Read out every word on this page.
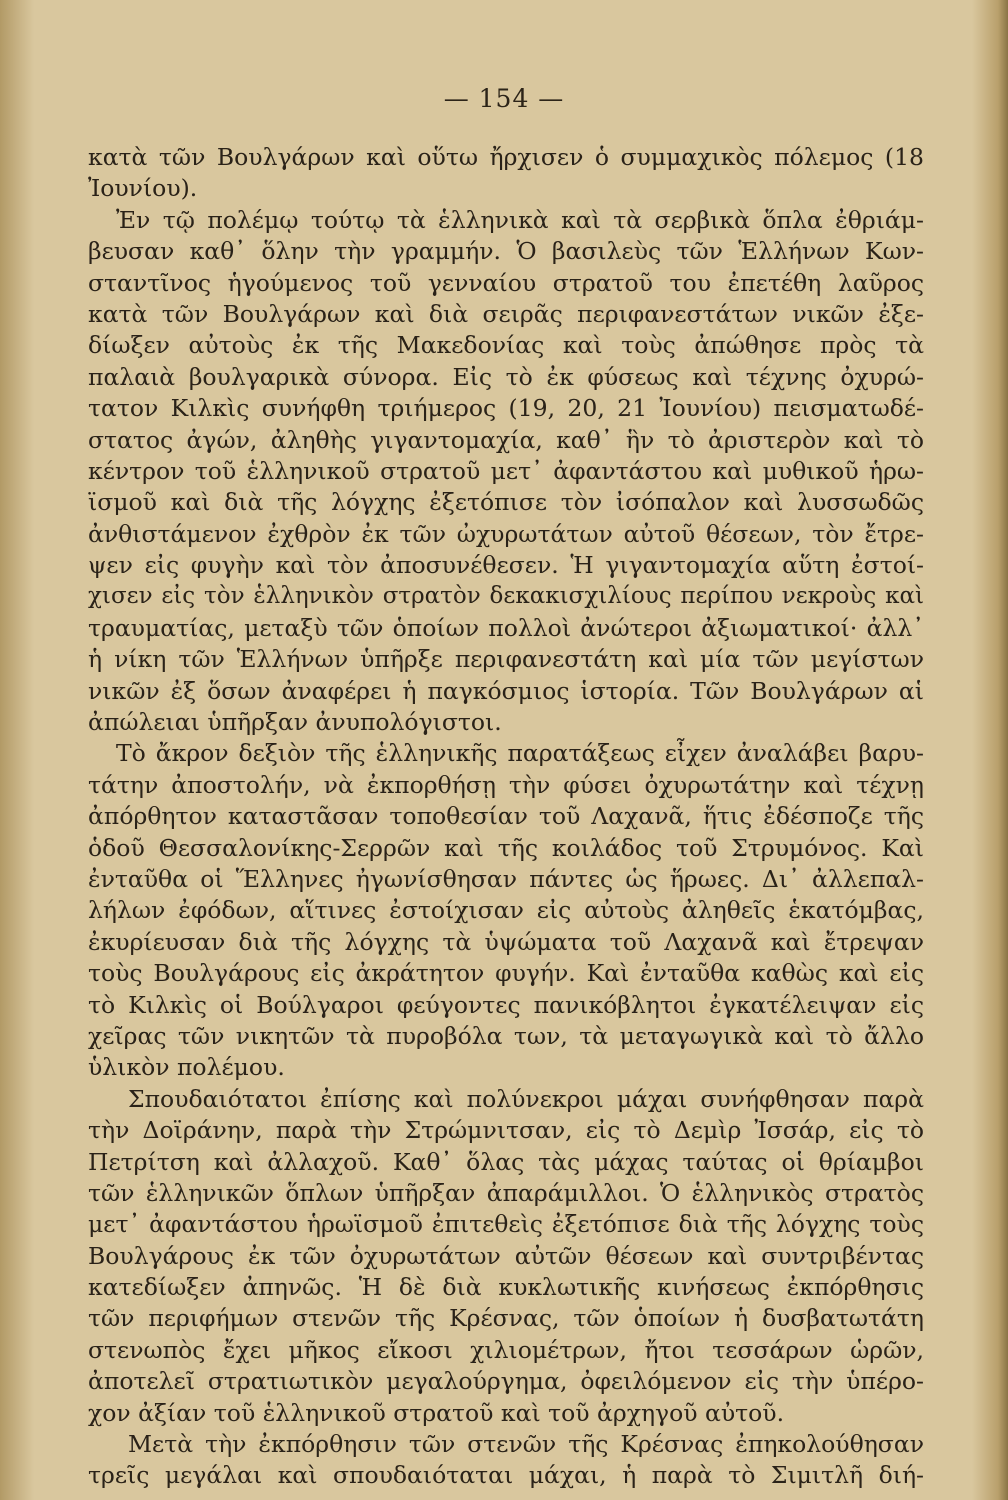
— 154 —
κατὰ τῶν Βουλγάρων καὶ οὕτω ἤρχισεν ὁ συμμαχικὸς πόλεμος (18
Ἰουνίου).
Ἐν τῷ πολέμῳ τούτῳ τὰ ἑλληνικὰ καὶ τὰ σερβικὰ ὅπλα ἐθριάμ-
βευσαν καθ᾽ ὅλην τὴν γραμμήν. Ὁ βασιλεὺς τῶν Ἑλλήνων Κων-
σταντῖνος ἡγούμενος τοῦ γενναίου στρατοῦ του ἐπετέθη λαῦρος
κατὰ τῶν Βουλγάρων καὶ διὰ σειρᾶς περιφανεστάτων νικῶν ἐξε-
δίωξεν αὐτοὺς ἐκ τῆς Μακεδονίας καὶ τοὺς ἀπώθησε πρὸς τὰ
παλαιὰ βουλγαρικὰ σύνορα. Εἰς τὸ ἐκ φύσεως καὶ τέχνης ὀχυρώ-
τατον Κιλκὶς συνήφθη τριήμερος (19, 20, 21 Ἰουνίου) πεισματωδέ-
στατος ἀγών, ἀληθὴς γιγαντομαχία, καθ᾽ ἣν τὸ ἀριστερὸν καὶ τὸ
κέντρον τοῦ ἑλληνικοῦ στρατοῦ μετ᾽ ἀφαντάστου καὶ μυθικοῦ ἡρω-
ϊσμοῦ καὶ διὰ τῆς λόγχης ἐξετόπισε τὸν ἰσόπαλον καὶ λυσσωδῶς
ἀνθιστάμενον ἐχθρὸν ἐκ τῶν ὠχυρωτάτων αὐτοῦ θέσεων, τὸν ἔτρε-
ψεν εἰς φυγὴν καὶ τὸν ἀποσυνέθεσεν. Ἡ γιγαντομαχία αὕτη ἐστοί-
χισεν εἰς τὸν ἑλληνικὸν στρατὸν δεκακισχιλίους περίπου νεκροὺς καὶ
τραυματίας, μεταξὺ τῶν ὁποίων πολλοὶ ἀνώτεροι ἀξιωματικοί· ἀλλ᾽
ἡ νίκη τῶν Ἑλλήνων ὑπῆρξε περιφανεστάτη καὶ μία τῶν μεγίστων
νικῶν ἐξ ὅσων ἀναφέρει ἡ παγκόσμιος ἱστορία. Τῶν Βουλγάρων αἱ
ἀπώλειαι ὑπῆρξαν ἀνυπολόγιστοι.
Τὸ ἄκρον δεξιὸν τῆς ἑλληνικῆς παρατάξεως εἶχεν ἀναλάβει βαρυ-
τάτην ἀποστολήν, νὰ ἐκπορθήσῃ τὴν φύσει ὀχυρωτάτην καὶ τέχνῃ
ἀπόρθητον καταστᾶσαν τοποθεσίαν τοῦ Λαχανᾶ, ἥτις ἐδέσποζε τῆς
ὁδοῦ Θεσσαλονίκης-Σερρῶν καὶ τῆς κοιλάδος τοῦ Στρυμόνος. Καὶ
ἐνταῦθα οἱ Ἕλληνες ἠγωνίσθησαν πάντες ὡς ἥρωες. Δι᾽ ἀλλεπαλ-
λήλων ἐφόδων, αἵτινες ἐστοίχισαν εἰς αὐτοὺς ἀληθεῖς ἑκατόμβας,
ἐκυρίευσαν διὰ τῆς λόγχης τὰ ὑψώματα τοῦ Λαχανᾶ καὶ ἔτρεψαν
τοὺς Βουλγάρους εἰς ἀκράτητον φυγήν. Καὶ ἐνταῦθα καθὼς καὶ εἰς
τὸ Κιλκὶς οἱ Βούλγαροι φεύγοντες πανικόβλητοι ἐγκατέλειψαν εἰς
χεῖρας τῶν νικητῶν τὰ πυροβόλα των, τὰ μεταγωγικὰ καὶ τὸ ἄλλο
ὑλικὸν πολέμου.
Σπουδαιότατοι ἐπίσης καὶ πολύνεκροι μάχαι συνήφθησαν παρὰ
τὴν Δοϊράνην, παρὰ τὴν Στρώμνιτσαν, εἰς τὸ Δεμὶρ Ἰσσάρ, εἰς τὸ
Πετρίτση καὶ ἀλλαχοῦ. Καθ᾽ ὅλας τὰς μάχας ταύτας οἱ θρίαμβοι
τῶν ἑλληνικῶν ὅπλων ὑπῆρξαν ἀπαράμιλλοι. Ὁ ἑλληνικὸς στρατὸς
μετ᾽ ἀφαντάστου ἡρωϊσμοῦ ἐπιτεθεὶς ἐξετόπισε διὰ τῆς λόγχης τοὺς
Βουλγάρους ἐκ τῶν ὀχυρωτάτων αὐτῶν θέσεων καὶ συντριβέντας
κατεδίωξεν ἀπηνῶς. Ἡ δὲ διὰ κυκλωτικῆς κινήσεως ἐκπόρθησις
τῶν περιφήμων στενῶν τῆς Κρέσνας, τῶν ὁποίων ἡ δυσβατωτάτη
στενωπὸς ἔχει μῆκος εἴκοσι χιλιομέτρων, ἤτοι τεσσάρων ὡρῶν,
ἀποτελεῖ στρατιωτικὸν μεγαλούργημα, ὀφειλόμενον εἰς τὴν ὑπέρο-
χον ἀξίαν τοῦ ἑλληνικοῦ στρατοῦ καὶ τοῦ ἀρχηγοῦ αὐτοῦ.
Μετὰ τὴν ἐκπόρθησιν τῶν στενῶν τῆς Κρέσνας ἐπηκολούθησαν
τρεῖς μεγάλαι καὶ σπουδαιόταται μάχαι, ἡ παρὰ τὸ Σιμιτλῆ διή-
